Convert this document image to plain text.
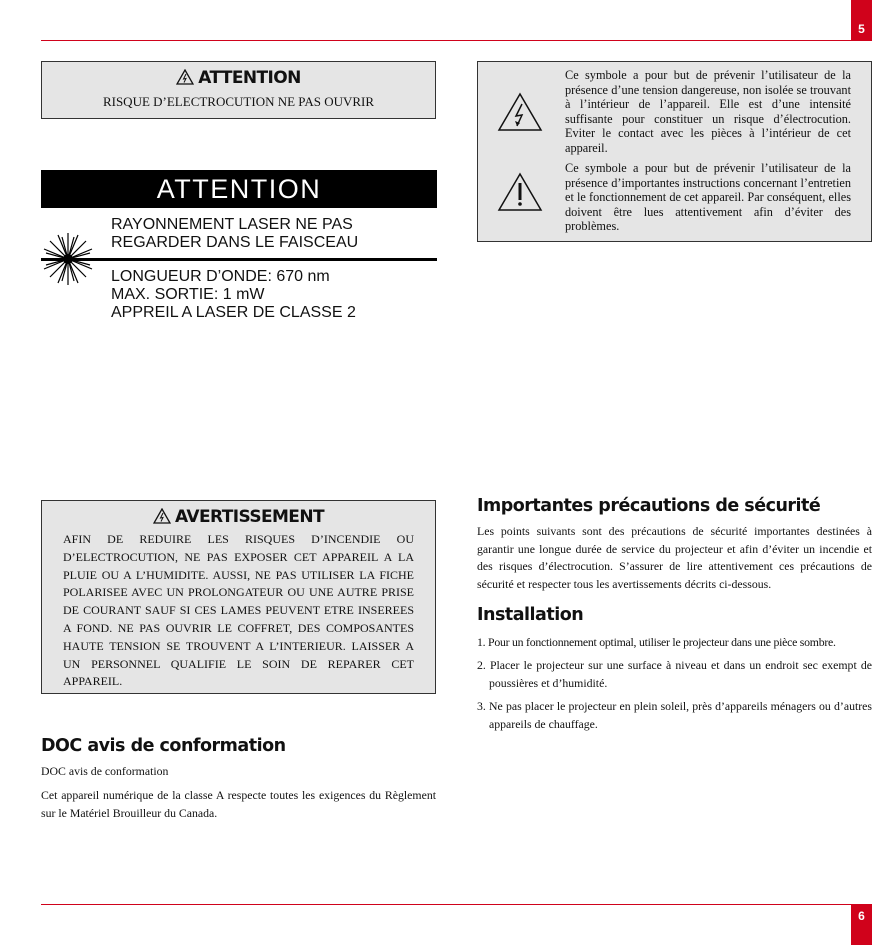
5
ATTENTION
RISQUE D’ELECTROCUTION NE PAS OUVRIR
ATTENTION

RAYONNEMENT LASER NE PAS

REGARDER DANS LE FAISCEAU

LONGUEUR D’ONDE: 670 nm

MAX. SORTIE: 1 mW

APPREIL A LASER DE CLASSE 2

Ce symbole a pour but de prévenir l’utilisateur de la présence d’une tension dangereuse, non isolée se trouvant à l’intérieur de l’appareil. Elle est d’une intensité suffisante pour constituer un risque d’électrocution. Eviter le contact avec les pièces à l’intérieur de cet appareil.

Ce symbole a pour but de prévenir l’utilisateur de la présence d’importantes instructions concernant l’entretien et le fonctionnement de cet appareil. Par conséquent, elles doivent être lues attentivement afin d’éviter des problèmes.

AVERTISSEMENT

AFIN DE REDUIRE LES RISQUES D’INCENDIE OU D’ELECTROCUTION, NE PAS EXPOSER CET APPAREIL A LA PLUIE OU A L’HUMIDITE. AUSSI, NE PAS UTILISER LA FICHE POLARISEE AVEC UN PROLONGATEUR OU UNE AUTRE PRISE DE COURANT SAUF SI CES LAMES PEUVENT ETRE INSEREES A FOND. NE PAS OUVRIR LE COFFRET, DES COMPOSANTES HAUTE TENSION SE TROUVENT A L’INTERIEUR. LAISSER A UN PERSONNEL QUALIFIE LE SOIN DE REPARER CET APPAREIL.

DOC avis de conformation

DOC avis de conformation

Cet appareil numérique de la classe A respecte toutes les exigences du Règlement sur le Matériel Brouilleur du Canada.

Importantes précautions de sécurité

Les points suivants sont des précautions de sécurité importantes destinées à garantir une longue durée de service du projecteur et afin d’éviter un incendie et des risques d’électrocution. S’assurer de lire attentivement ces précautions de sécurité et respecter tous les avertissements décrits ci-dessous.

Installation

1. Pour un fonctionnement optimal, utiliser le projecteur dans une pièce sombre.

2. Placer le projecteur sur une surface à niveau et dans un endroit sec exempt de poussières et d’humidité.

3. Ne pas placer le projecteur en plein soleil, près d’appareils ménagers ou d’autres appareils de chauffage.

6
